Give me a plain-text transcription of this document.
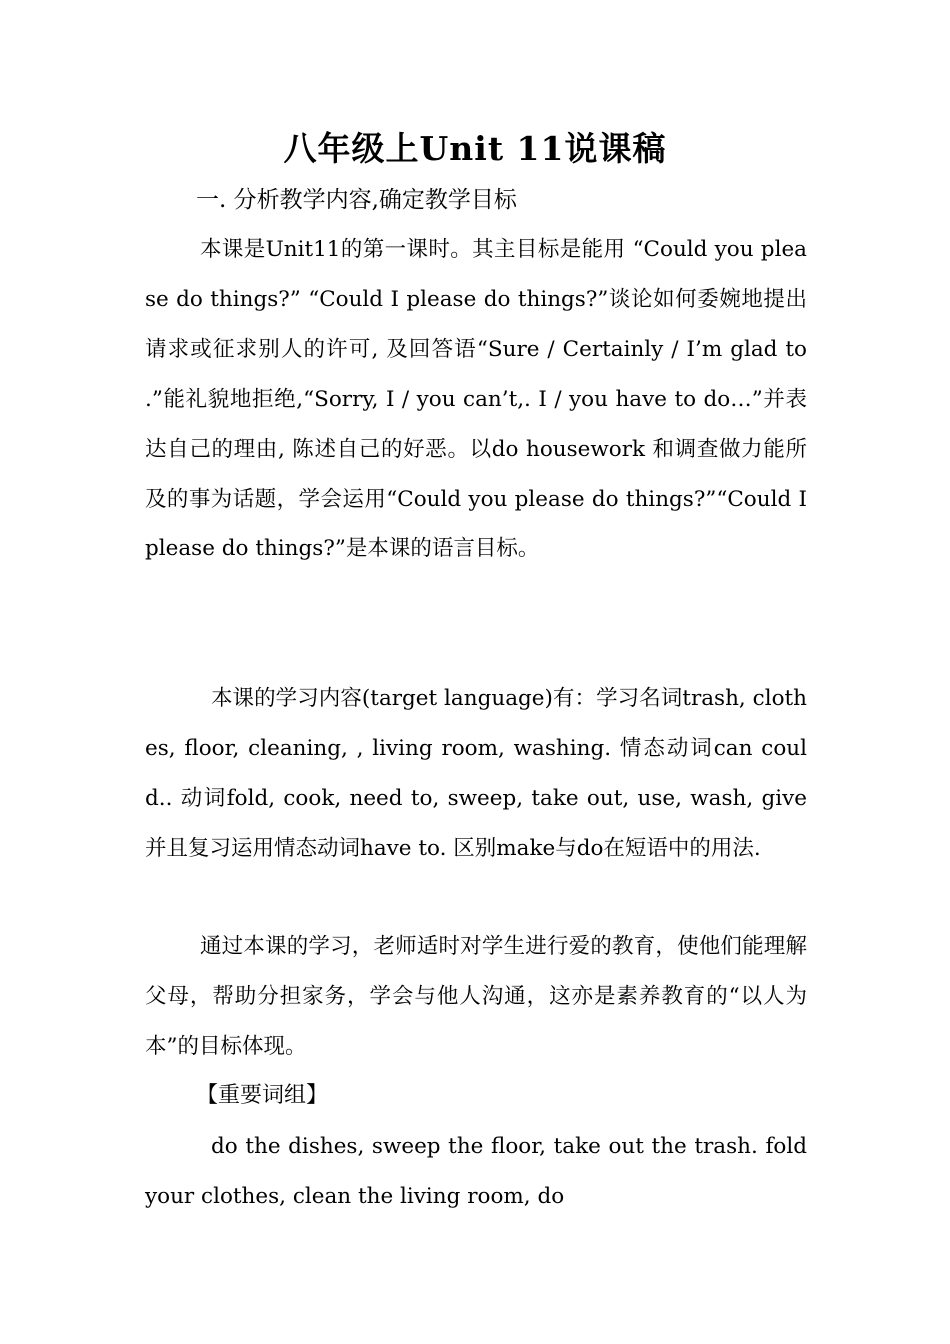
八年级上Unit 11说课稿
一. 分析教学内容,确定教学目标
本课是Unit11的第一课时。其主目标是能用 “Could you please do things?” “Could I please do things?”谈论如何委婉地提出请求或征求别人的许可, 及回答语“Sure / Certainly / I’m glad to .”能礼貌地拒绝,“Sorry, I / you can’t,. I / you have to do…”并表达自己的理由, 陈述自己的好恶。以do housework 和调查做力能所及的事为话题，学会运用“Could you please do things?”“Could I please do things?”是本课的语言目标。
本课的学习内容(target language)有：学习名词trash, clothes, floor, cleaning, , living room, washing. 情态动词can could.. 动词fold, cook, need to, sweep, take out, use, wash, give并且复习运用情态动词have to. 区别make与do在短语中的用法.
通过本课的学习，老师适时对学生进行爱的教育，使他们能理解父母，帮助分担家务，学会与他人沟通，这亦是素养教育的“以人为本”的目标体现。
【重要词组】
do the dishes, sweep the floor, take out the trash. fold your clothes, clean the living room, do
